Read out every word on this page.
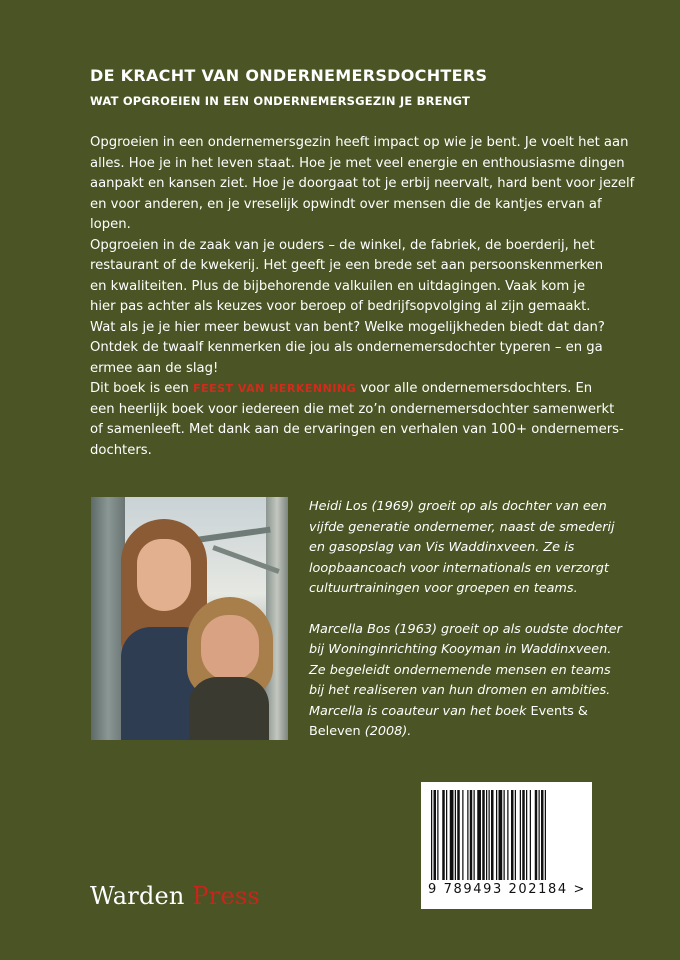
DE KRACHT VAN ONDERNEMERSDOCHTERS
WAT OPGROEIEN IN EEN ONDERNEMERSGEZIN JE BRENGT
Opgroeien in een ondernemersgezin heeft impact op wie je bent. Je voelt het aan
alles. Hoe je in het leven staat. Hoe je met veel energie en enthousiasme dingen
aanpakt en kansen ziet. Hoe je doorgaat tot je erbij neervalt, hard bent voor jezelf
en voor anderen, en je vreselijk opwindt over mensen die de kantjes ervan af
lopen.
Opgroeien in de zaak van je ouders – de winkel, de fabriek, de boerderij, het
restaurant of de kwekerij. Het geeft je een brede set aan persoonskenmerken
en kwaliteiten. Plus de bijbehorende valkuilen en uitdagingen. Vaak kom je
hier pas achter als keuzes voor beroep of bedrijfsopvolging al zijn gemaakt.
Wat als je je hier meer bewust van bent? Welke mogelijkheden biedt dat dan?
Ontdek de twaalf kenmerken die jou als ondernemersdochter typeren – en ga
ermee aan de slag!
Dit boek is een FEEST VAN HERKENNING voor alle ondernemersdochters. En
een heerlijk boek voor iedereen die met zo’n ondernemersdochter samenwerkt
of samenleeft. Met dank aan de ervaringen en verhalen van 100+ ondernemers-
dochters.

Heidi Los (1969) groeit op als dochter van een
vijfde generatie ondernemer, naast de smederij
en gasopslag van Vis Waddinxveen. Ze is
loopbaancoach voor internationals en verzorgt
cultuurtrainingen voor groepen en teams.

Marcella Bos (1963) groeit op als oudste dochter
bij Woninginrichting Kooyman in Waddinxveen.
Ze begeleidt ondernemende mensen en teams
bij het realiseren van hun dromen en ambities.
Marcella is coauteur van het boek Events &
Beleven (2008).

Warden Press	9 789493 202184 >
